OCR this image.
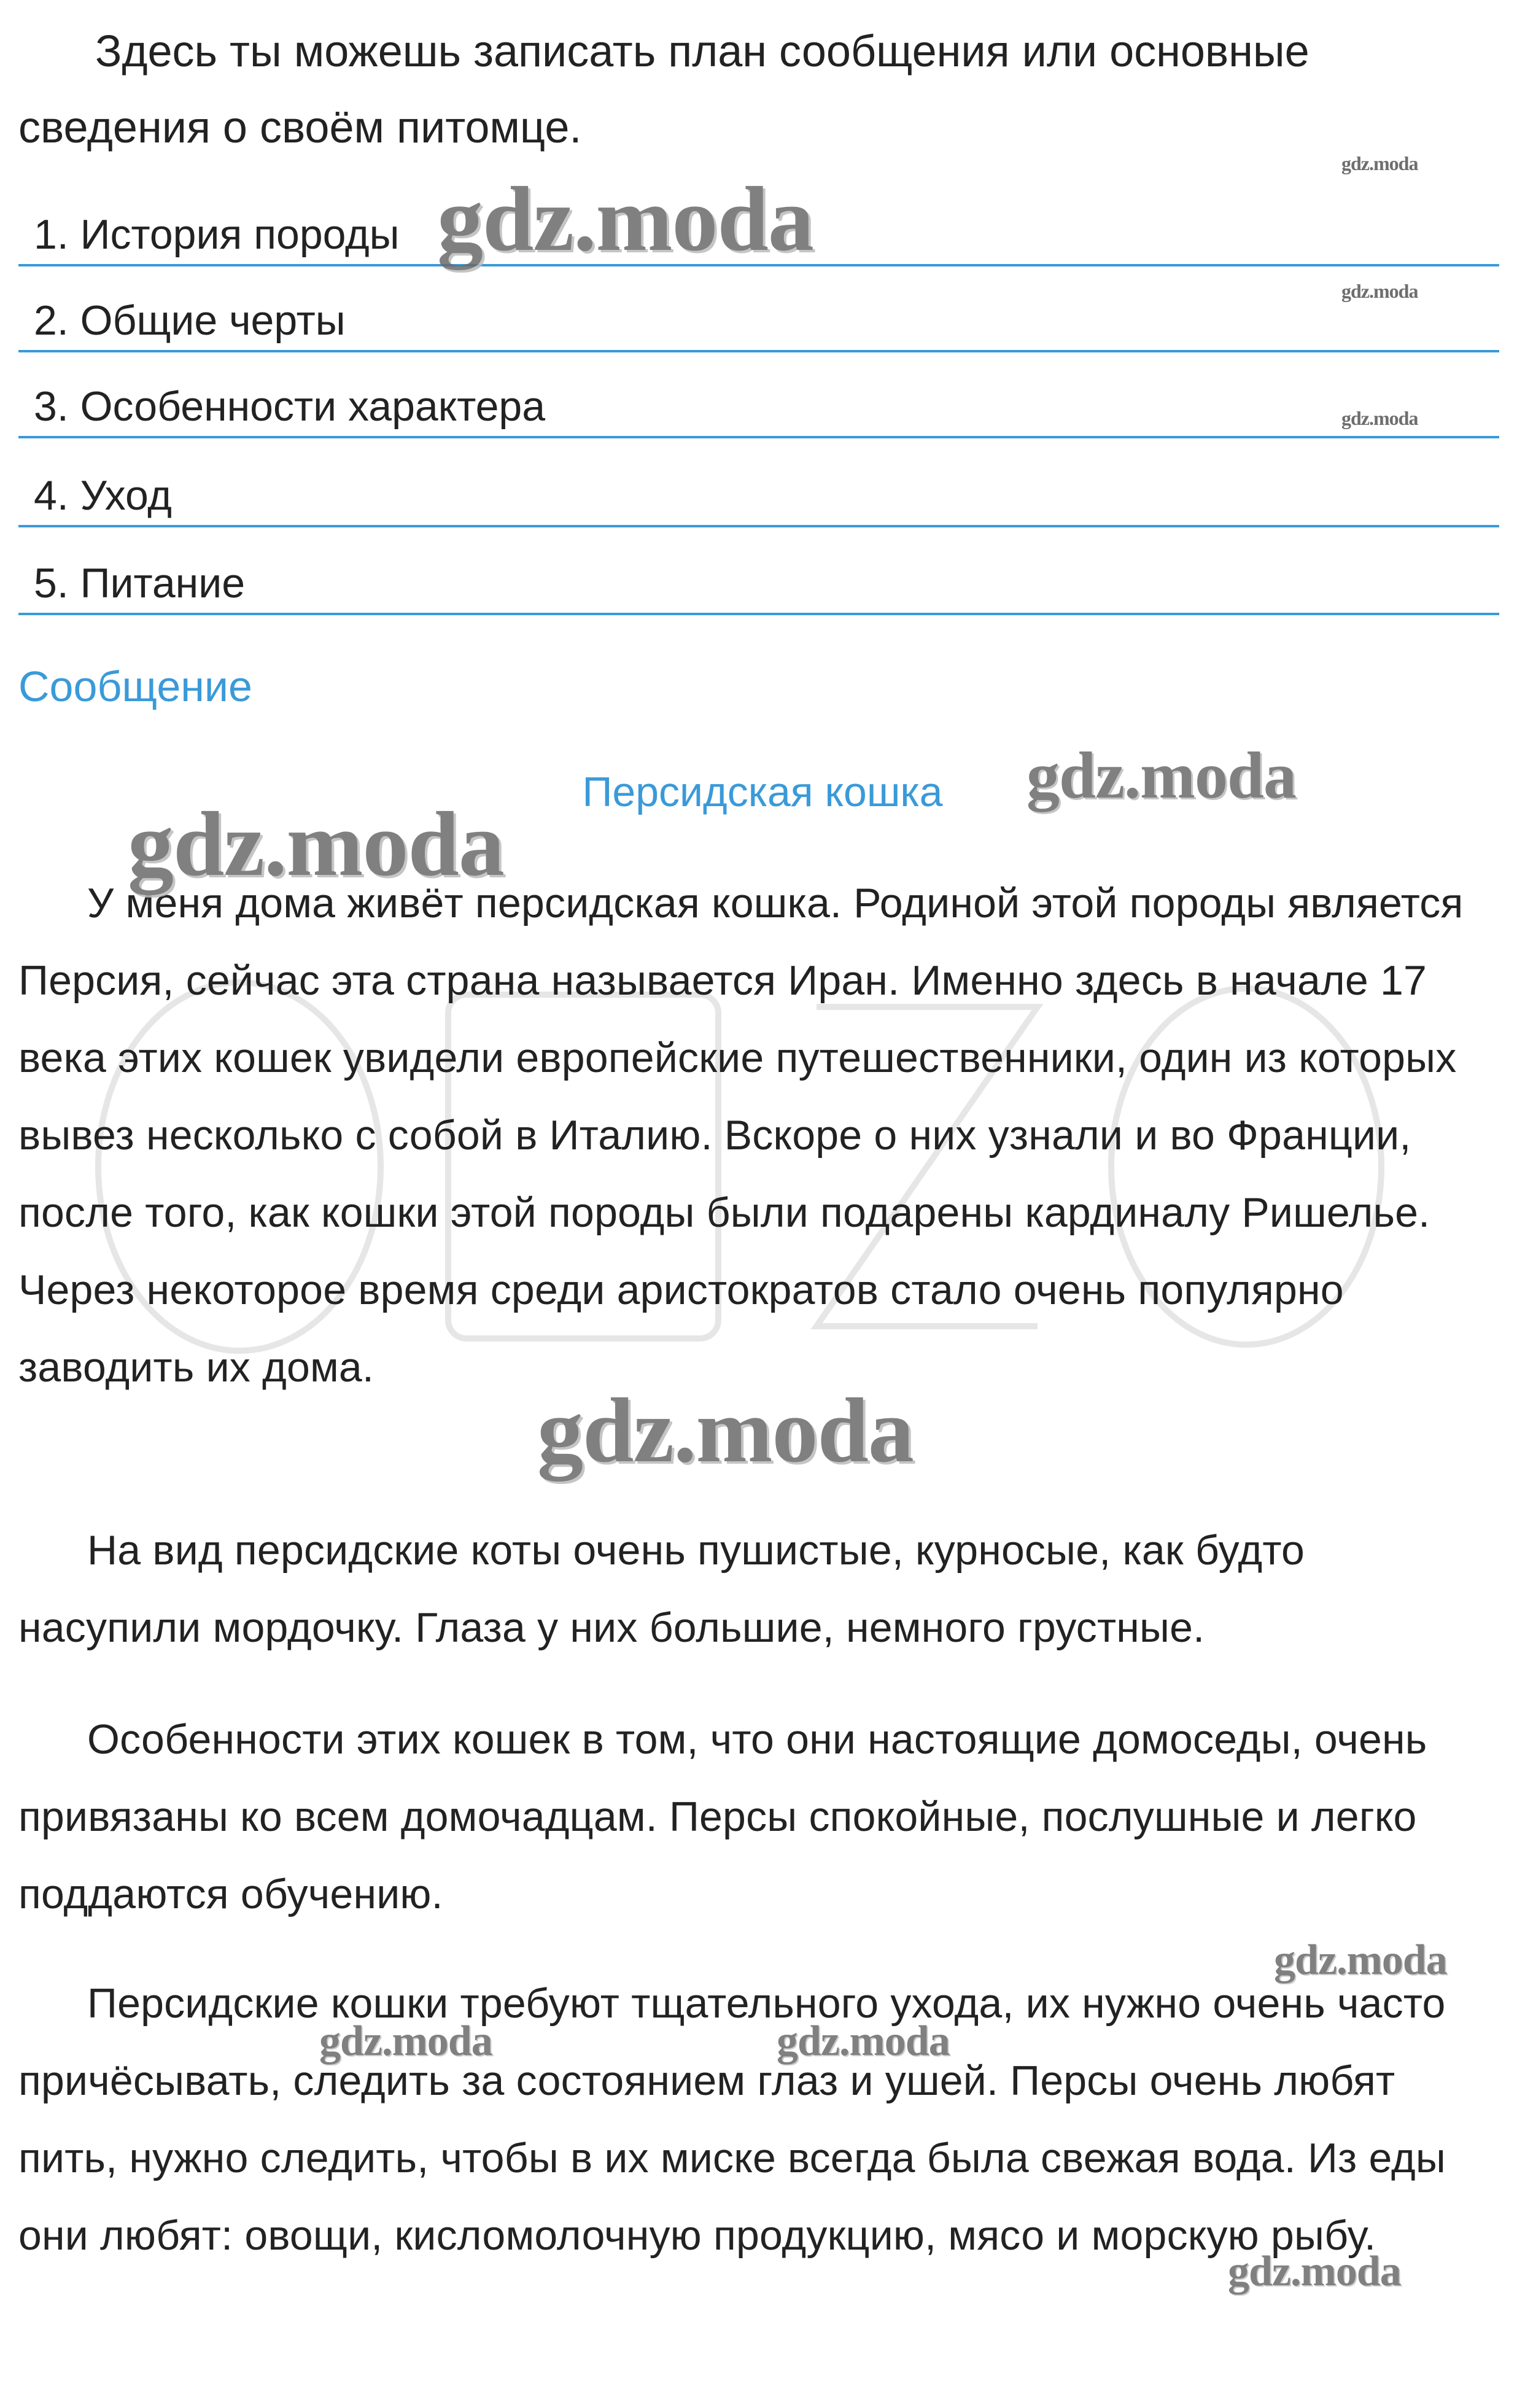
Здесь ты можешь записать план сообщения или основные сведения о своём питомце.

1. История породы
2. Общие черты
3. Особенности характера
4. Уход
5. Питание
Сообщение
Персидская кошка

У меня дома живёт персидская кошка. Родиной этой породы является Персия, сейчас эта страна называется Иран. Именно здесь в начале 17 века этих кошек увидели европейские путешественники, один из которых вывез несколько с собой в Италию. Вскоре о них узнали и во Франции, после того, как кошки этой породы были подарены кардиналу Ришелье. Через некоторое время среди аристократов стало очень популярно заводить их дома.

На вид персидские коты очень пушистые, курносые, как будто насупили мордочку. Глаза у них большие, немного грустные.

Особенности этих кошек в том, что они настоящие домоседы, очень привязаны ко всем домочадцам. Персы спокойные, послушные и легко поддаются обучению.

Персидские кошки требуют тщательного ухода, их нужно очень часто причёсывать, следить за состоянием глаз и ушей. Персы очень любят пить, нужно следить, чтобы в их миске всегда была свежая вода. Из еды они любят: овощи, кисломолочную продукцию, мясо и морскую рыбу.

gdz.moda
gdz.moda
gdz.moda
gdz.moda
gdz.moda
gdz.moda
gdz.moda
gdz.moda
gdz.moda	gdz.moda
gdz.moda
